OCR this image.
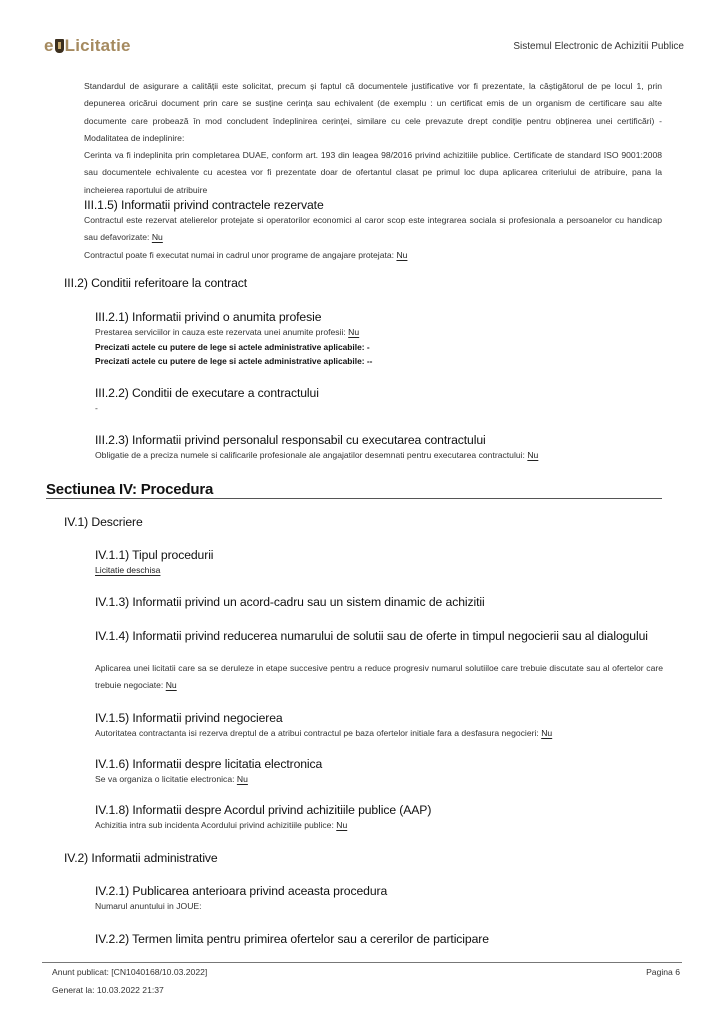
e Licitatie	Sistemul Electronic de Achizitii Publice
Standardul de asigurare a calității este solicitat, precum și faptul că documentele justificative vor fi prezentate, la câștigătorul de pe locul 1, prin depunerea oricărui document prin care se susține cerința sau echivalent (de exemplu : un certificat emis de un organism de certificare sau alte documente care probează în mod concludent îndeplinirea cerinței, similare cu cele prevazute drept condiție pentru obținerea unei certificări) - Modalitatea de indeplinire:
Cerinta va fi indeplinita prin completarea DUAE, conform art. 193 din leagea 98/2016 privind achizitiile publice. Certificate de standard ISO 9001:2008 sau documentele echivalente cu acestea vor fi prezentate doar de ofertantul clasat pe primul loc dupa aplicarea criteriului de atribuire, pana la incheierea raportului de atribuire
III.1.5) Informatii privind contractele rezervate
Contractul este rezervat atelierelor protejate si operatorilor economici al caror scop este integrarea sociala si profesionala a persoanelor cu handicap sau defavorizate: Nu
Contractul poate fi executat numai in cadrul unor programe de angajare protejata: Nu
III.2) Conditii referitoare la contract
III.2.1) Informatii privind o anumita profesie
Prestarea serviciilor in cauza este rezervata unei anumite profesii: Nu
Precizati actele cu putere de lege si actele administrative aplicabile: -
Precizati actele cu putere de lege si actele administrative aplicabile: --
III.2.2) Conditii de executare a contractului
-
III.2.3) Informatii privind personalul responsabil cu executarea contractului
Obligatie de a preciza numele si calificarile profesionale ale angajatilor desemnati pentru executarea contractului: Nu
Sectiunea IV: Procedura
IV.1) Descriere
IV.1.1) Tipul procedurii
Licitatie deschisa
IV.1.3) Informatii privind un acord-cadru sau un sistem dinamic de achizitii
IV.1.4) Informatii privind reducerea numarului de solutii sau de oferte in timpul negocierii sau al dialogului
Aplicarea unei licitatii care sa se deruleze in etape succesive pentru a reduce progresiv numarul solutiiloe care trebuie discutate sau al ofertelor care trebuie negociate: Nu
IV.1.5) Informatii privind negocierea
Autoritatea contractanta isi rezerva dreptul de a atribui contractul pe baza ofertelor initiale fara a desfasura negocieri: Nu
IV.1.6) Informatii despre licitatia electronica
Se va organiza o licitatie electronica: Nu
IV.1.8) Informatii despre Acordul privind achizitiile publice (AAP)
Achizitia intra sub incidenta Acordului privind achizitiile publice: Nu
IV.2) Informatii administrative
IV.2.1) Publicarea anterioara privind aceasta procedura
Numarul anuntului in JOUE:
IV.2.2) Termen limita pentru primirea ofertelor sau a cererilor de participare
Anunt publicat: [CN1040168/10.03.2022]
Generat la: 10.03.2022 21:37
Pagina 6
